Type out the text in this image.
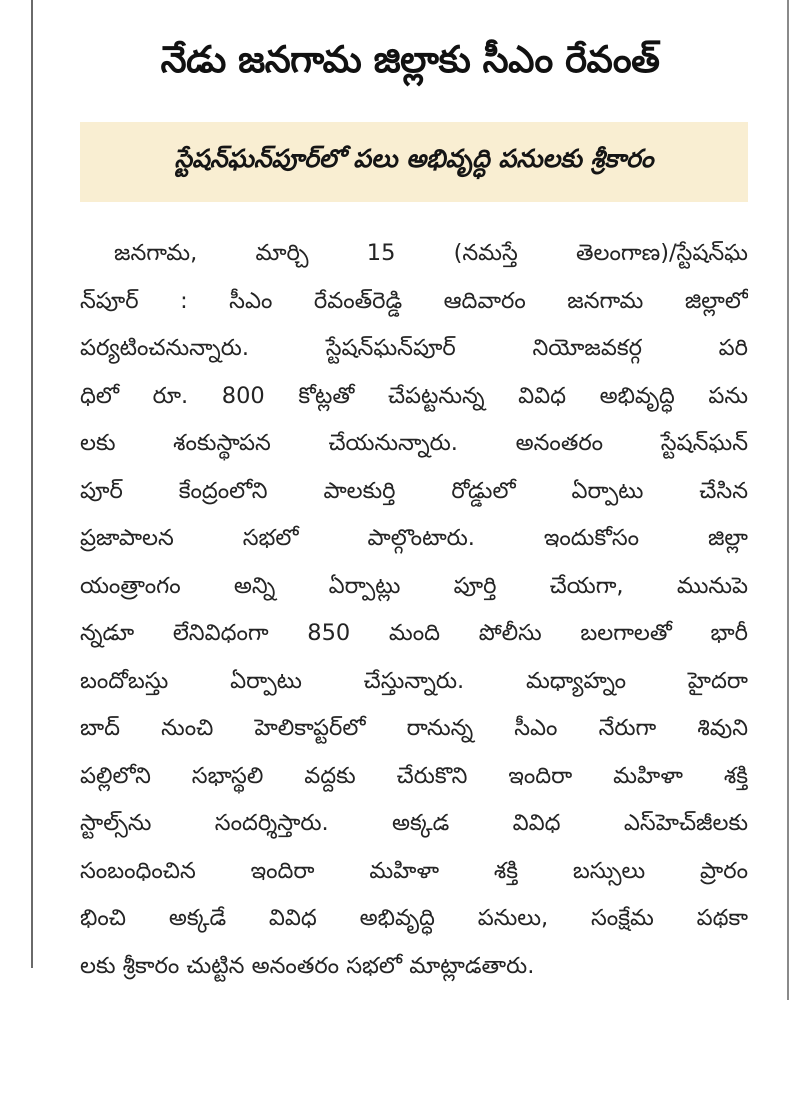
నేడు జనగామ జిల్లాకు సీఎం రేవంత్
స్టేషన్‌ఘన్‌పూర్‌లో పలు అభివృద్ధి పనులకు శ్రీకారం
జనగామ, మార్చి 15 (నమస్తే తెలంగాణ)/స్టేషన్‌ఘ
న్‌పూర్ : సీఎం రేవంత్‌రెడ్డి ఆదివారం జనగామ జిల్లాలో
పర్యటించనున్నారు. స్టేషన్‌ఘన్‌పూర్ నియోజవకర్గ పరి
ధిలో రూ. 800 కోట్లతో చేపట్టనున్న వివిధ అభివృద్ధి పను
లకు శంకుస్థాపన చేయనున్నారు. అనంతరం స్టేషన్‌ఘన్
పూర్ కేంద్రంలోని పాలకుర్తి రోడ్డులో ఏర్పాటు చేసిన
ప్రజాపాలన సభలో పాల్గొంటారు. ఇందుకోసం జిల్లా
యంత్రాంగం అన్ని ఏర్పాట్లు పూర్తి చేయగా, మునుపె
న్నడూ లేనివిధంగా 850 మంది పోలీసు బలగాలతో భారీ
బందోబస్తు ఏర్పాటు చేస్తున్నారు. మధ్యాహ్నం హైదరా
బాద్ నుంచి హెలికాప్టర్‌లో రానున్న సీఎం నేరుగా శివుని
పల్లిలోని సభాస్థలి వద్దకు చేరుకొని ఇందిరా మహిళా శక్తి
స్టాల్స్‌ను సందర్శిస్తారు. అక్కడ వివిధ ఎస్‌హెచ్‌జీలకు
సంబంధించిన ఇందిరా మహిళా శక్తి బస్సులు ప్రారం
భించి అక్కడే వివిధ అభివృద్ధి పనులు, సంక్షేమ పథకా
లకు శ్రీకారం చుట్టిన అనంతరం సభలో మాట్లాడతారు.
